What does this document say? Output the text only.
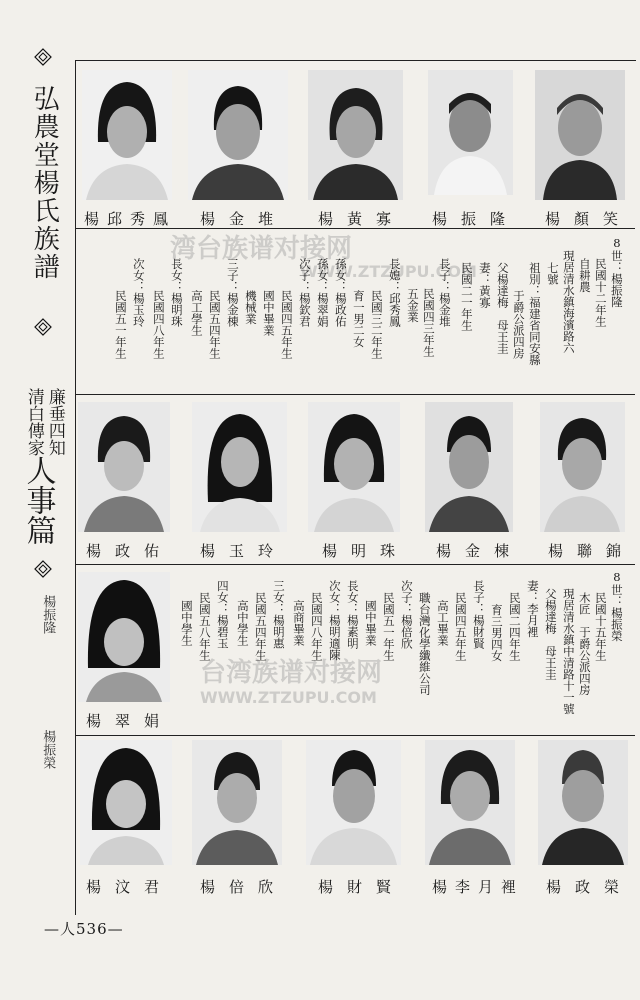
弘農堂楊氏族譜
廉垂四知
清白傳家
人事篇
楊振隆
楊振榮
湾台族谱对接网
WWW.ZTZUPU.COM
台湾族谱对接网
WWW.ZTZUPU.COM
楊顏笑
楊振隆
楊黃寡
楊金堆
楊邱秀鳳
8世：楊振隆
民國十二年生
自耕農
現居清水鎮海濱路六
七號
祖別：福建省同安縣
于爵公派四房
父楊達梅　母王圭
妻：黃寡
民國二一年生
長子：楊金堆
民國四三年生
五金業
長媳：邱秀鳳
民國三二年生
育一男二女
孫女：楊政佑
孫女：楊翠娟
次子：楊欽君
民國四五年生
國中畢業
機械業
三子：楊金棟
民國五四年生
高工學生
長女：楊明珠
民國四八年生
次女：楊玉玲
民國五一年生
楊聯錦
楊金棟
楊明珠
楊玉玲
楊政佑
楊翠娟
8世：楊振榮
民國十五年生
木匠　于爵公派四房
現居清水鎮中清路十一號
父楊達梅　母王圭
妻：李月裡
民國二四年生
育三男四女
長子：楊財賢
民國四五年生
高工畢業
職台灣化學纖維公司
次子：楊倍欣
民國五一年生
國中畢業
長女：楊素明
次女：楊明適陳
民國四八年生
高商畢業
三女：楊明惠
民國五四年生
高中學生
四女：楊碧玉
民國五八年生
國中學生
楊政榮
楊李月裡
楊財賢
楊倍欣
楊汶君
—人536—
